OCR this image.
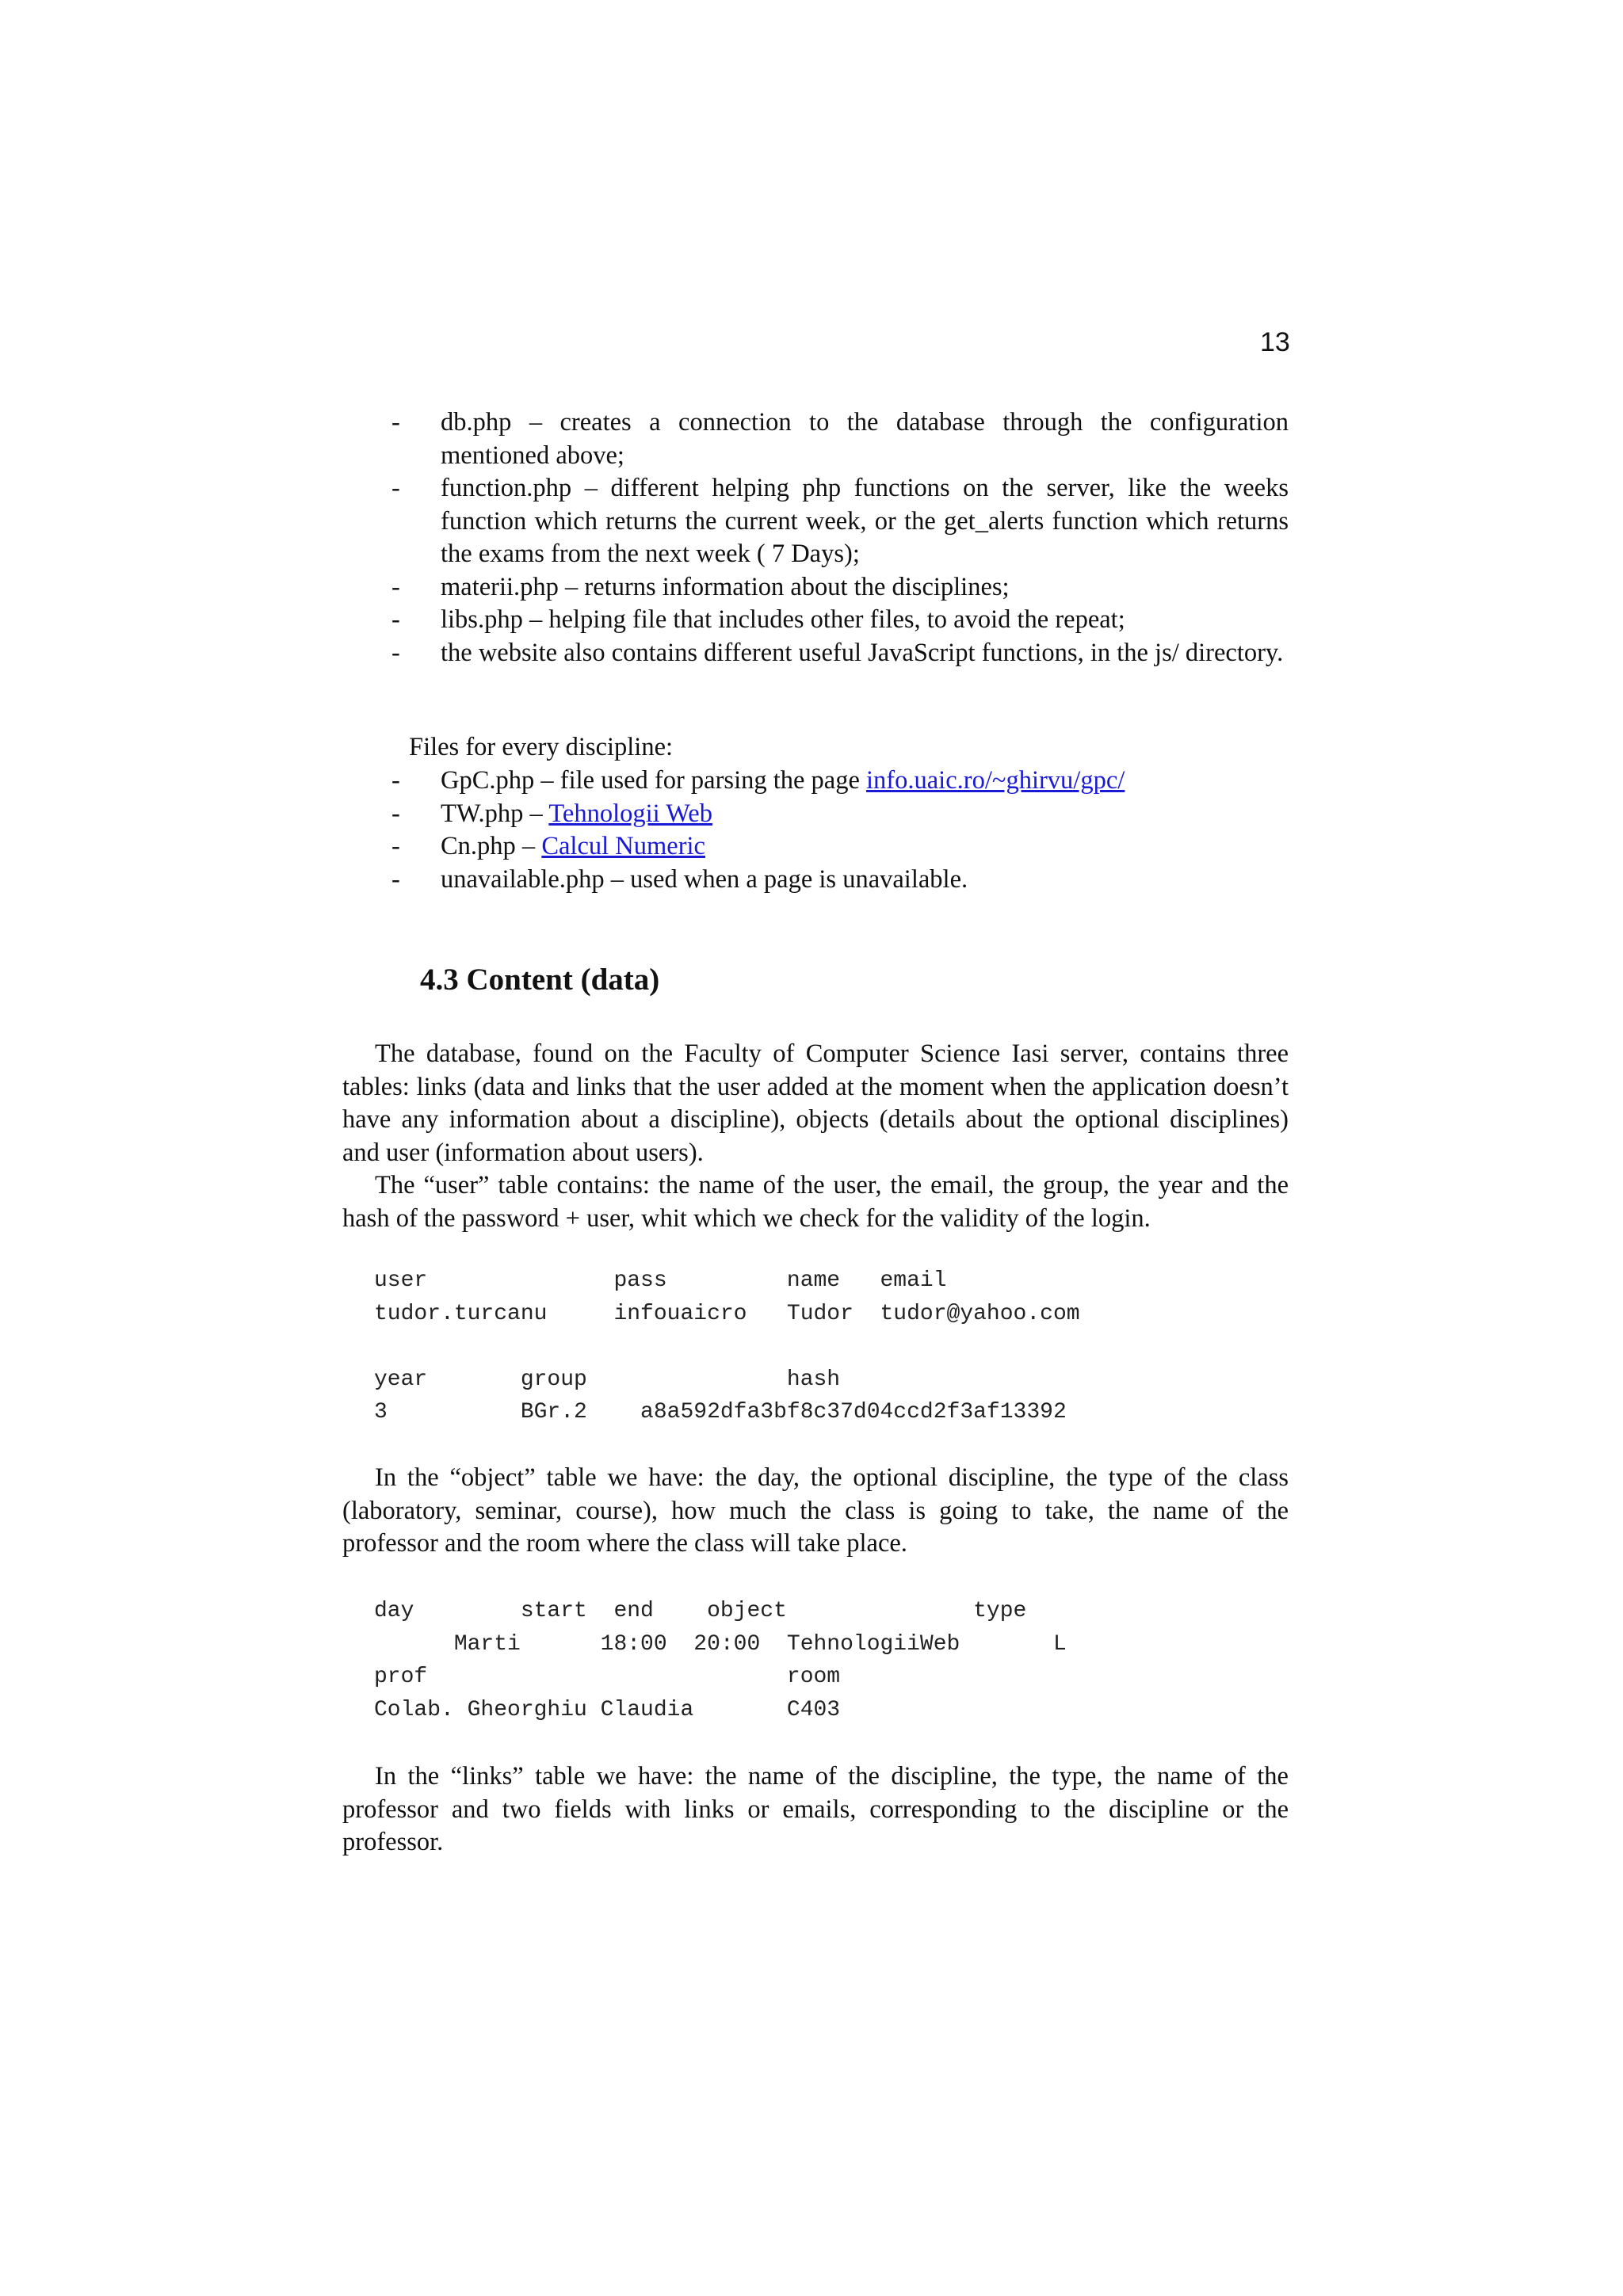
13
- db.php – creates a connection to the database through the configuration mentioned above;
- function.php – different helping php functions on the server, like the weeks function which returns the current week, or the get_alerts function which returns the exams from the next week ( 7 Days);
- materii.php – returns information about the disciplines;
- libs.php – helping file that includes other files, to avoid the repeat;
- the website also contains different useful JavaScript functions, in the js/ directory.
Files for every discipline:
- GpC.php – file used for parsing the page info.uaic.ro/~ghirvu/gpc/
- TW.php – Tehnologii Web
- Cn.php – Calcul Numeric
- unavailable.php – used when a page is unavailable.
4.3 Content (data)

The database, found on the Faculty of Computer Science Iasi server, contains three tables: links (data and links that the user added at the moment when the application doesn’t have any information about a discipline), objects (details about the optional disciplines) and user (information about users).

The “user” table contains: the name of the user, the email, the group, the year and the hash of the password + user, whit which we check for the validity of the login.

user              pass         name   email
tudor.turcanu     infouaicro   Tudor  tudor@yahoo.com

year       group               hash
3          BGr.2    a8a592dfa3bf8c37d04ccd2f3af13392

In the “object” table we have: the day, the optional discipline, the type of the class (laboratory, seminar, course), how much the class is going to take, the name of the professor and the room where the class will take place.

day        start  end    object              type
Marti      18:00  20:00  TehnologiiWeb       L
prof                           room
Colab. Gheorghiu Claudia       C403

In the “links” table we have: the name of the discipline, the type, the name of the professor and two fields with links or emails, corresponding to the discipline or the professor.
